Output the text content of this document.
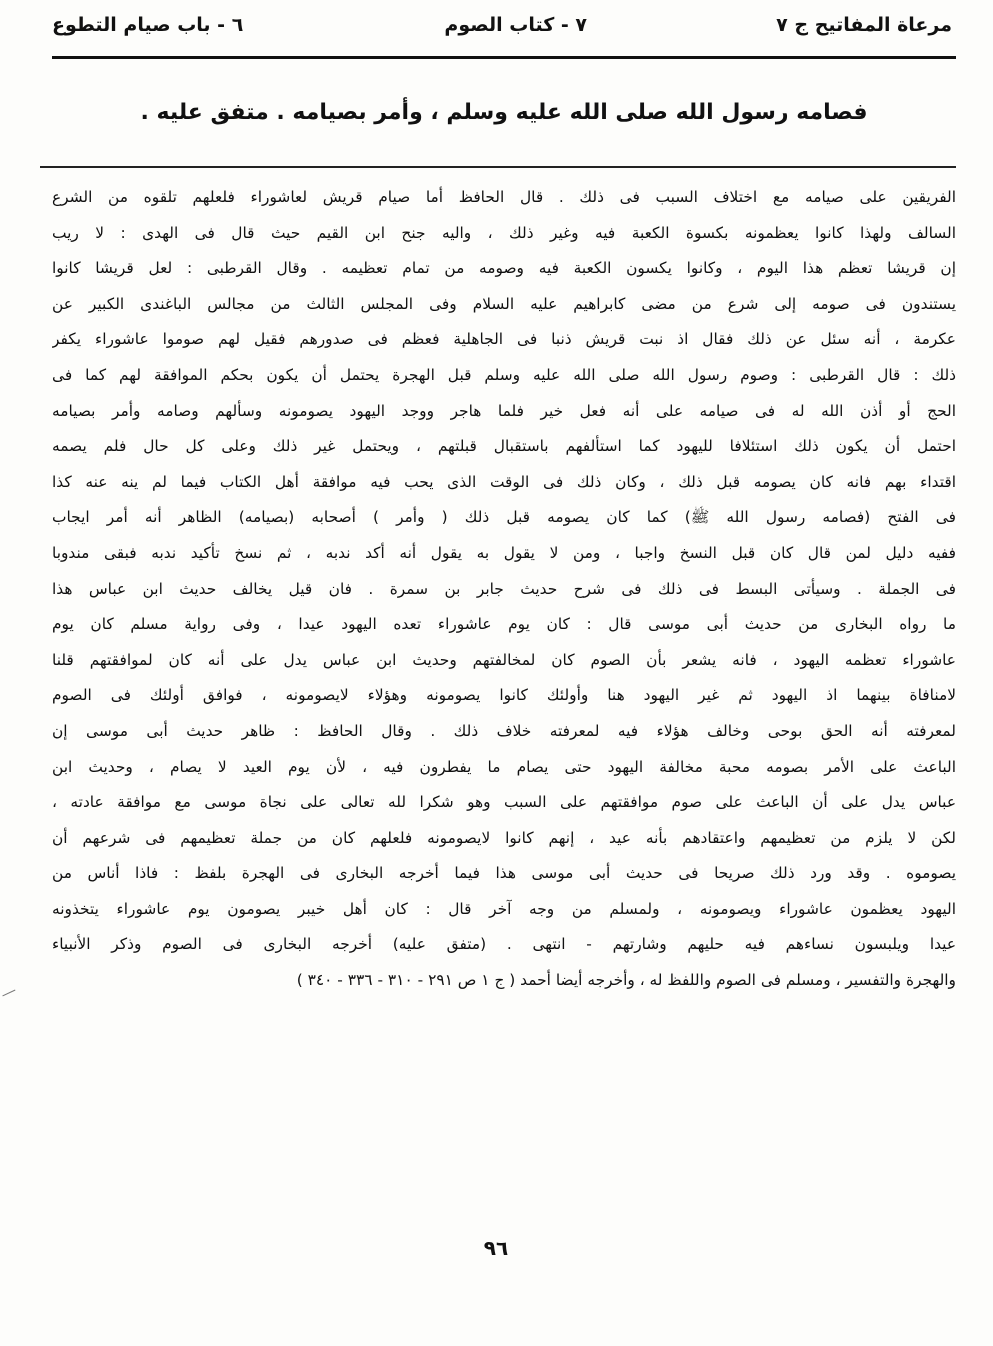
مرعاة المفاتيح ج ٧
٧ - كتاب الصوم
٦ - باب صيام التطوع
فصامه رسول الله صلى الله عليه وسلم ، وأمر بصيامه . متفق عليه .
الفريقين على صيامه مع اختلاف السبب فى ذلك . قال الحافظ أما صيام قريش لعاشوراء فلعلهم تلقوه من الشرع
السالف ولهذا كانوا يعظمونه بكسوة الكعبة فيه وغير ذلك ، واليه جنح ابن القيم حيث قال فى الهدى : لا ريب
إن قريشا تعظم هذا اليوم ، وكانوا يكسون الكعبة فيه وصومه من تمام تعظيمه . وقال القرطبى : لعل قريشا كانوا
يستندون فى صومه إلى شرع من مضى كابراهيم عليه السلام وفى المجلس الثالث من مجالس الباغندى الكبير عن
عكرمة ، أنه سئل عن ذلك فقال اذ نبت قريش ذنبا فى الجاهلية فعظم فى صدورهم فقيل لهم صوموا عاشوراء يكفر
ذلك : قال القرطبى : وصوم رسول الله صلى الله عليه وسلم قبل الهجرة يحتمل أن يكون بحكم الموافقة لهم كما فى
الحج أو أذن الله له فى صيامه على أنه فعل خير فلما هاجر ووجد اليهود يصومونه وسألهم وصامه وأمر بصيامه
احتمل أن يكون ذلك استئلافا لليهود كما استألفهم باستقبال قبلتهم ، ويحتمل غير ذلك وعلى كل حال فلم يصمه
اقتداء بهم فانه كان يصومه قبل ذلك ، وكان ذلك فى الوقت الذى يحب فيه موافقة أهل الكتاب فيما لم ينه عنه كذا
فى الفتح (فصامه رسول الله ﷺ) كما كان يصومه قبل ذلك ( وأمر ) أصحابه (بصيامه) الظاهر أنه أمر ايجاب
ففيه دليل لمن قال كان قبل النسخ واجبا ، ومن لا يقول به يقول أنه أكد ندبه ، ثم نسخ تأكيد ندبه فبقى مندوبا
فى الجملة . وسيأتى البسط فى ذلك فى شرح حديث جابر بن سمرة . فان قيل يخالف حديث ابن عباس هذا
ما رواه البخارى من حديث أبى موسى قال : كان يوم عاشوراء تعده اليهود عيدا ، وفى رواية مسلم كان يوم
عاشوراء تعظمه اليهود ، فانه يشعر بأن الصوم كان لمخالفتهم وحديث ابن عباس يدل على أنه كان لموافقتهم قلنا
لامنافاة بينهما اذ اليهود ثم غير اليهود هنا وأولئك كانوا يصومونه وهؤلاء لايصومونه ، فوافق أولئك فى الصوم
لمعرفته أنه الحق بوحى وخالف هؤلاء فيه لمعرفته خلاف ذلك . وقال الحافظ : ظاهر حديث أبى موسى إن
الباعث على الأمر بصومه محبة مخالفة اليهود حتى يصام ما يفطرون فيه ، لأن يوم العيد لا يصام ، وحديث ابن
عباس يدل على أن الباعث على صوم موافقتهم على السبب وهو شكرا لله تعالى على نجاة موسى مع موافقة عادته ،
لكن لا يلزم من تعظيمهم واعتقادهم بأنه عيد ، إنهم كانوا لايصومونه فلعلهم كان من جملة تعظيمهم فى شرعهم أن
يصوموه . وقد ورد ذلك صريحا فى حديث أبى موسى هذا فيما أخرجه البخارى فى الهجرة بلفظ : فاذا أناس من
اليهود يعظمون عاشوراء ويصومونه ، ولمسلم من وجه آخر قال : كان أهل خيبر يصومون يوم عاشوراء يتخذونه
عيدا ويلبسون نساءهم فيه حليهم وشارتهم - انتهى . (متفق عليه) أخرجه البخارى فى الصوم وذكر الأنبياء
والهجرة والتفسير ، ومسلم فى الصوم واللفظ له ، وأخرجه أيضا أحمد ( ج ١ ص ٢٩١ - ٣١٠ - ٣٣٦ - ٣٤٠ )
٩٦
